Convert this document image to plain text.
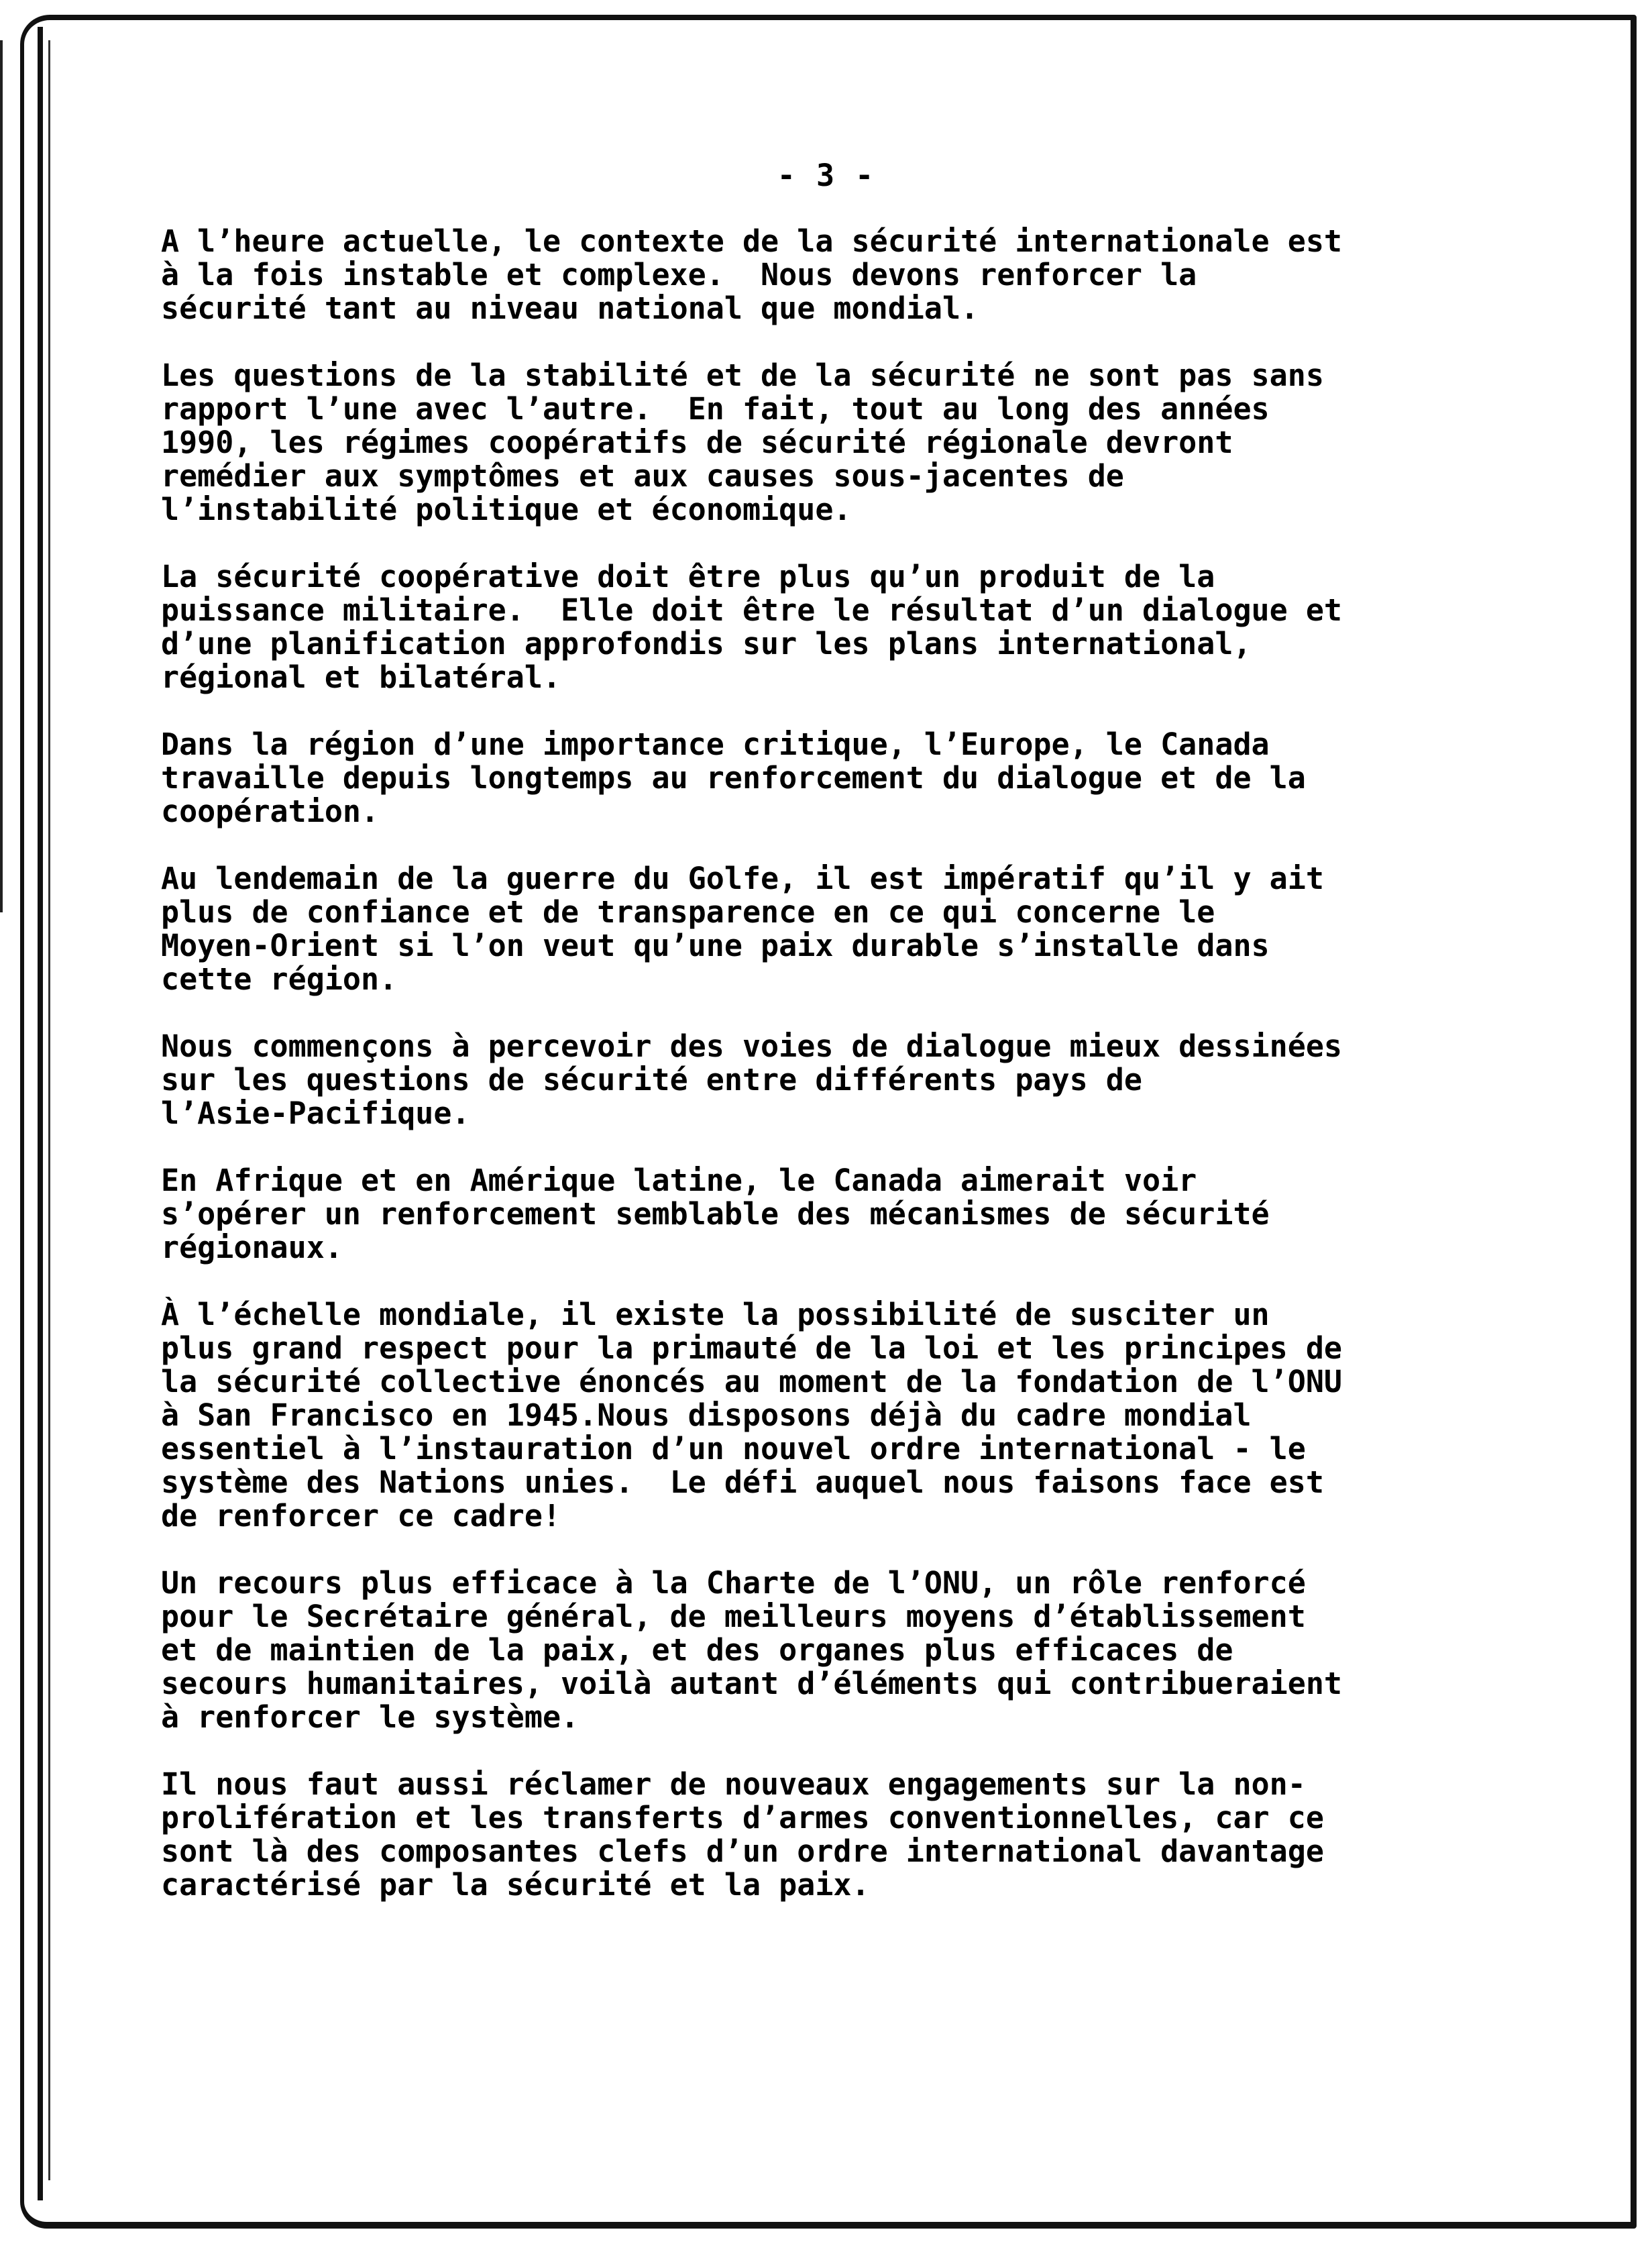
- 3 -

A l’heure actuelle, le contexte de la sécurité internationale est
à la fois instable et complexe.  Nous devons renforcer la
sécurité tant au niveau national que mondial.

Les questions de la stabilité et de la sécurité ne sont pas sans
rapport l’une avec l’autre.  En fait, tout au long des années
1990, les régimes coopératifs de sécurité régionale devront
remédier aux symptômes et aux causes sous-jacentes de
l’instabilité politique et économique.

La sécurité coopérative doit être plus qu’un produit de la
puissance militaire.  Elle doit être le résultat d’un dialogue et
d’une planification approfondis sur les plans international,
régional et bilatéral.

Dans la région d’une importance critique, l’Europe, le Canada
travaille depuis longtemps au renforcement du dialogue et de la
coopération.

Au lendemain de la guerre du Golfe, il est impératif qu’il y ait
plus de confiance et de transparence en ce qui concerne le
Moyen-Orient si l’on veut qu’une paix durable s’installe dans
cette région.

Nous commençons à percevoir des voies de dialogue mieux dessinées
sur les questions de sécurité entre différents pays de
l’Asie-Pacifique.

En Afrique et en Amérique latine, le Canada aimerait voir
s’opérer un renforcement semblable des mécanismes de sécurité
régionaux.

À l’échelle mondiale, il existe la possibilité de susciter un
plus grand respect pour la primauté de la loi et les principes de
la sécurité collective énoncés au moment de la fondation de l’ONU
à San Francisco en 1945.Nous disposons déjà du cadre mondial
essentiel à l’instauration d’un nouvel ordre international - le
système des Nations unies.  Le défi auquel nous faisons face est
de renforcer ce cadre!

Un recours plus efficace à la Charte de l’ONU, un rôle renforcé
pour le Secrétaire général, de meilleurs moyens d’établissement
et de maintien de la paix, et des organes plus efficaces de
secours humanitaires, voilà autant d’éléments qui contribueraient
à renforcer le système.

Il nous faut aussi réclamer de nouveaux engagements sur la non-
prolifération et les transferts d’armes conventionnelles, car ce
sont là des composantes clefs d’un ordre international davantage
caractérisé par la sécurité et la paix.
